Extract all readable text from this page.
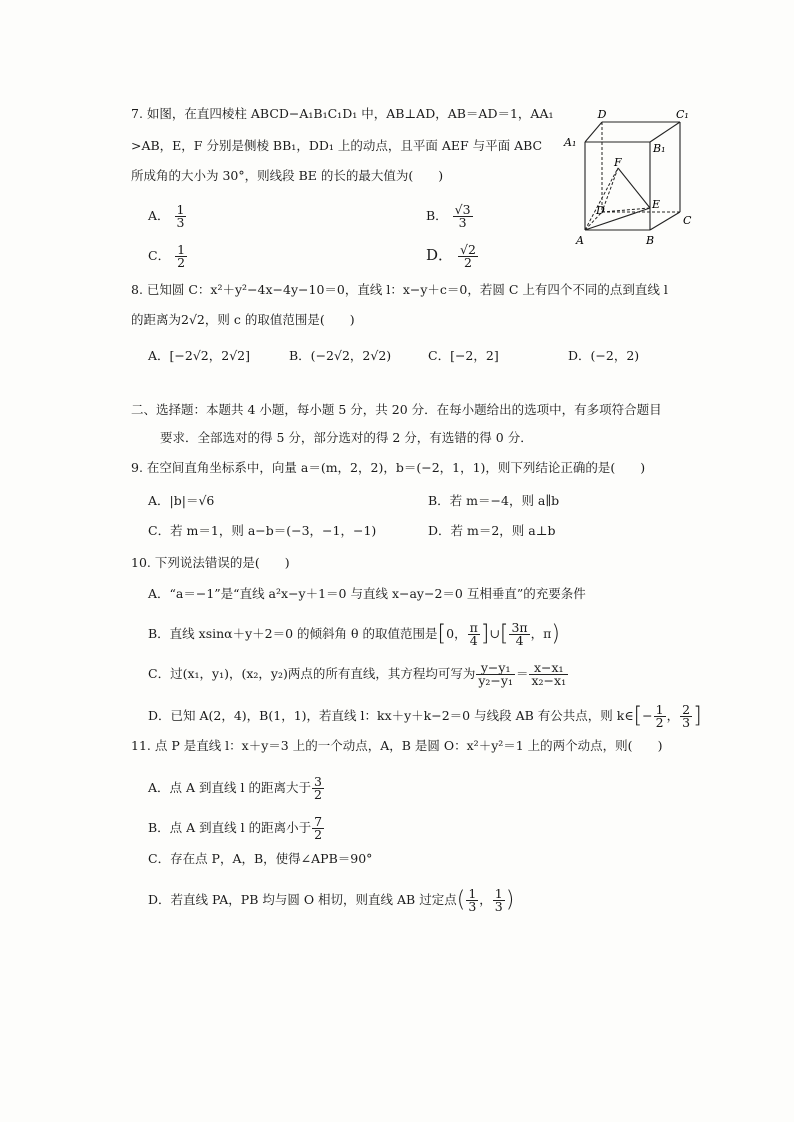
7. 如图，在直四棱柱 ABCD−A₁B₁C₁D₁ 中，AB⊥AD，AB＝AD＝1，AA₁
>AB，E，F 分别是侧棱 BB₁，DD₁ 上的动点，且平面 AEF 与平面 ABC
所成角的大小为 30°，则线段 BE 的长的最大值为(　　)
A． $\frac{1}{3}$	B． $\frac{√3}{3}$
C． $\frac{1}{2}$	D． $\frac{√2}{2}$
D	C₁
A₁	B₁
F
D	E
C
A	B
8. 已知圆 C：x²＋y²−4x−4y−10＝0，直线 l：x−y＋c＝0，若圆 C 上有四个不同的点到直线 l
的距离为2√2，则 c 的取值范围是(　　)
A．[−2√2，2√2]	B．(−2√2，2√2)	C．[−2，2]	D．(−2，2)
二、选择题：本题共 4 小题，每小题 5 分，共 20 分．在每小题给出的选项中，有多项符合题目
要求．全部选对的得 5 分，部分选对的得 2 分，有选错的得 0 分．
9. 在空间直角坐标系中，向量 a＝(m，2，2)，b＝(−2，1，1)，则下列结论正确的是(　　)
A．|b|＝√6	B．若 m＝−4，则 a∥b
C．若 m＝1，则 a−b＝(−3，−1，−1)	D．若 m＝2，则 a⊥b
10. 下列说法错误的是(　　)
A．“a＝−1”是“直线 a²x−y＋1＝0 与直线 x−ay−2＝0 互相垂直”的充要条件
B．直线 xsinα＋y＋2＝0 的倾斜角 θ 的取值范围是[0， $\frac{\pi}{4}$ ]∪[ $\frac{3\pi}{4}$ ，π)
C．过(x₁，y₁)，(x₂，y₂)两点的所有直线，其方程均可写为 $\frac{\text{y−y₁}}{\text{y₂−y₁}} = \frac{\text{x−x₁}}{\text{x₂−x₁}}$
D．已知 A(2，4)，B(1，1)，若直线 l：kx＋y＋k−2＝0 与线段 AB 有公共点，则 k∈[− $\frac{1}{2}$ ， $\frac{2}{3}$ ]
11. 点 P 是直线 l：x＋y＝3 上的一个动点，A，B 是圆 O：x²＋y²＝1 上的两个动点，则(　　)
A．点 A 到直线 l 的距离大于 $\frac{3}{2}$
B．点 A 到直线 l 的距离小于 $\frac{7}{2}$
C．存在点 P，A，B，使得∠APB＝90°
D．若直线 PA，PB 均与圆 O 相切，则直线 AB 过定点( $\frac{1}{3}$ ， $\frac{1}{3}$ )
